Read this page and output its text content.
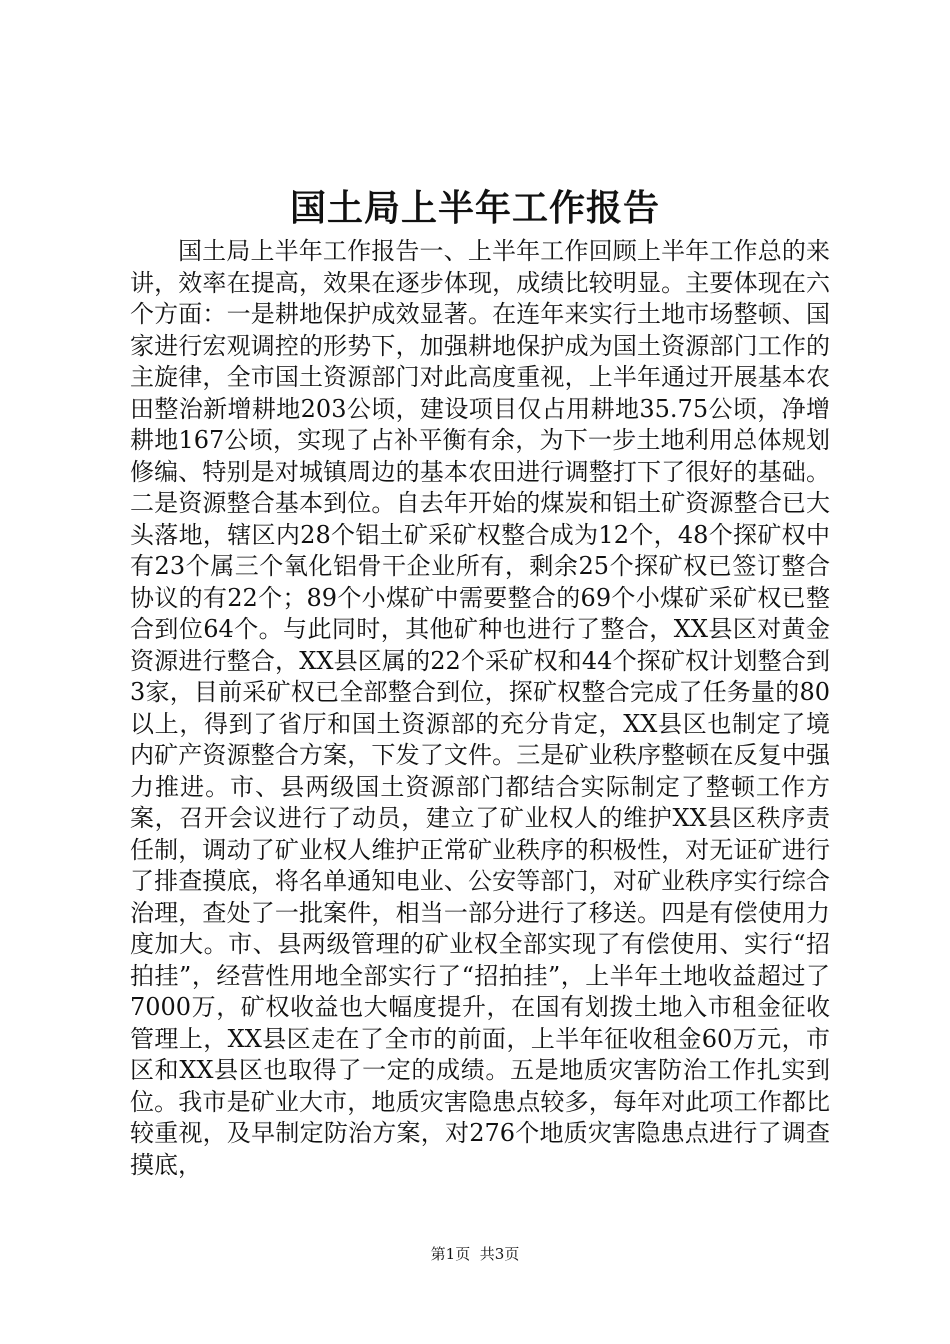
国土局上半年工作报告

国土局上半年工作报告一、上半年工作回顾上半年工作总的来讲，效率在提高，效果在逐步体现，成绩比较明显。主要体现在六个方面：一是耕地保护成效显著。在连年来实行土地市场整顿、国家进行宏观调控的形势下，加强耕地保护成为国土资源部门工作的主旋律，全市国土资源部门对此高度重视，上半年通过开展基本农田整治新增耕地203公顷，建设项目仅占用耕地35.75公顷，净增耕地167公顷，实现了占补平衡有余，为下一步土地利用总体规划修编、特别是对城镇周边的基本农田进行调整打下了很好的基础。二是资源整合基本到位。自去年开始的煤炭和铝土矿资源整合已大头落地，辖区内28个铝土矿采矿权整合成为12个，48个探矿权中有23个属三个氧化铝骨干企业所有，剩余25个探矿权已签订整合协议的有22个；89个小煤矿中需要整合的69个小煤矿采矿权已整合到位64个。与此同时，其他矿种也进行了整合，XX县区对黄金资源进行整合，XX县区属的22个采矿权和44个探矿权计划整合到3家，目前采矿权已全部整合到位，探矿权整合完成了任务量的80以上，得到了省厅和国土资源部的充分肯定，XX县区也制定了境内矿产资源整合方案，下发了文件。三是矿业秩序整顿在反复中强力推进。市、县两级国土资源部门都结合实际制定了整顿工作方案，召开会议进行了动员，建立了矿业权人的维护XX县区秩序责任制，调动了矿业权人维护正常矿业秩序的积极性，对无证矿进行了排查摸底，将名单通知电业、公安等部门，对矿业秩序实行综合治理，查处了一批案件，相当一部分进行了移送。四是有偿使用力度加大。市、县两级管理的矿业权全部实现了有偿使用、实行“招拍挂”，经营性用地全部实行了“招拍挂”，上半年土地收益超过了7000万，矿权收益也大幅度提升，在国有划拨土地入市租金征收管理上，XX县区走在了全市的前面，上半年征收租金60万元，市区和XX县区也取得了一定的成绩。五是地质灾害防治工作扎实到位。我市是矿业大市，地质灾害隐患点较多，每年对此项工作都比较重视，及早制定防治方案，对276个地质灾害隐患点进行了调查摸底，

第1页 共3页
